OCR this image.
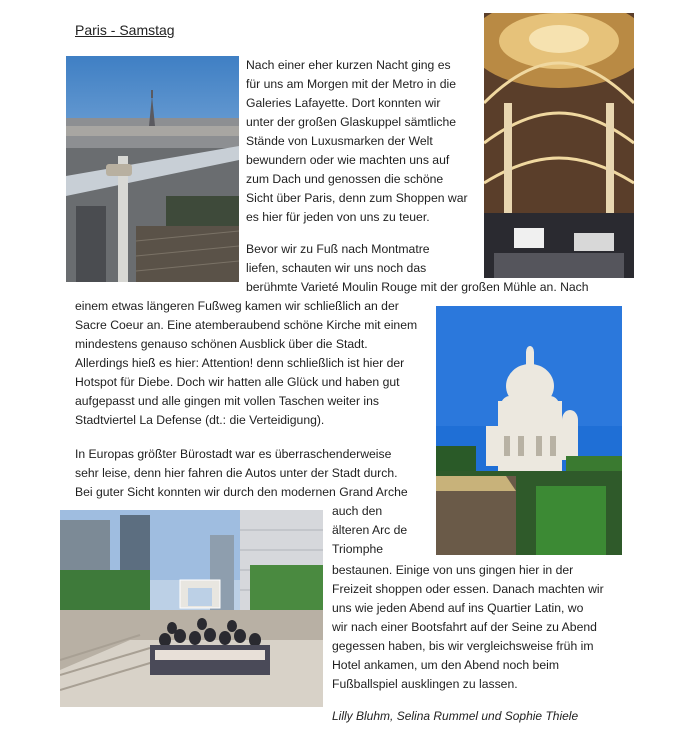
Paris - Samstag
Nach einer eher kurzen Nacht ging es
für uns am Morgen mit der Metro in die
Galeries Lafayette. Dort konnten wir
unter der großen Glaskuppel sämtliche
Stände von Luxusmarken der Welt
bewundern oder wie machten uns auf
zum Dach und genossen die schöne
Sicht über Paris, denn zum Shoppen war
es hier für jeden von uns zu teuer.
Bevor wir zu Fuß nach Montmatre
liefen, schauten wir uns noch das
berühmte Varieté Moulin Rouge mit der großen Mühle an. Nach
einem etwas längeren Fußweg kamen wir schließlich an der
Sacre Coeur an. Eine atemberaubend schöne Kirche mit einem
mindestens genauso schönen Ausblick über die Stadt.
Allerdings hieß es hier: Attention! denn schließlich ist hier der
Hotspot für Diebe. Doch wir hatten alle Glück und haben gut
aufgepasst und alle gingen mit vollen Taschen weiter ins
Stadtviertel La Defense (dt.: die Verteidigung).
In Europas größter Bürostadt war es überraschenderweise
sehr leise, denn hier fahren die Autos unter der Stadt durch.
Bei guter Sicht konnten wir durch den modernen Grand Arche
auch den
älteren Arc de
Triomphe
bestaunen. Einige von uns gingen hier in der
Freizeit shoppen oder essen. Danach machten wir
uns wie jeden Abend auf ins Quartier Latin, wo
wir nach einer Bootsfahrt auf der Seine zu Abend
gegessen haben, bis wir vergleichsweise früh im
Hotel ankamen, um den Abend noch beim
Fußballspiel ausklingen zu lassen.
Lilly Bluhm, Selina Rummel und Sophie Thiele
